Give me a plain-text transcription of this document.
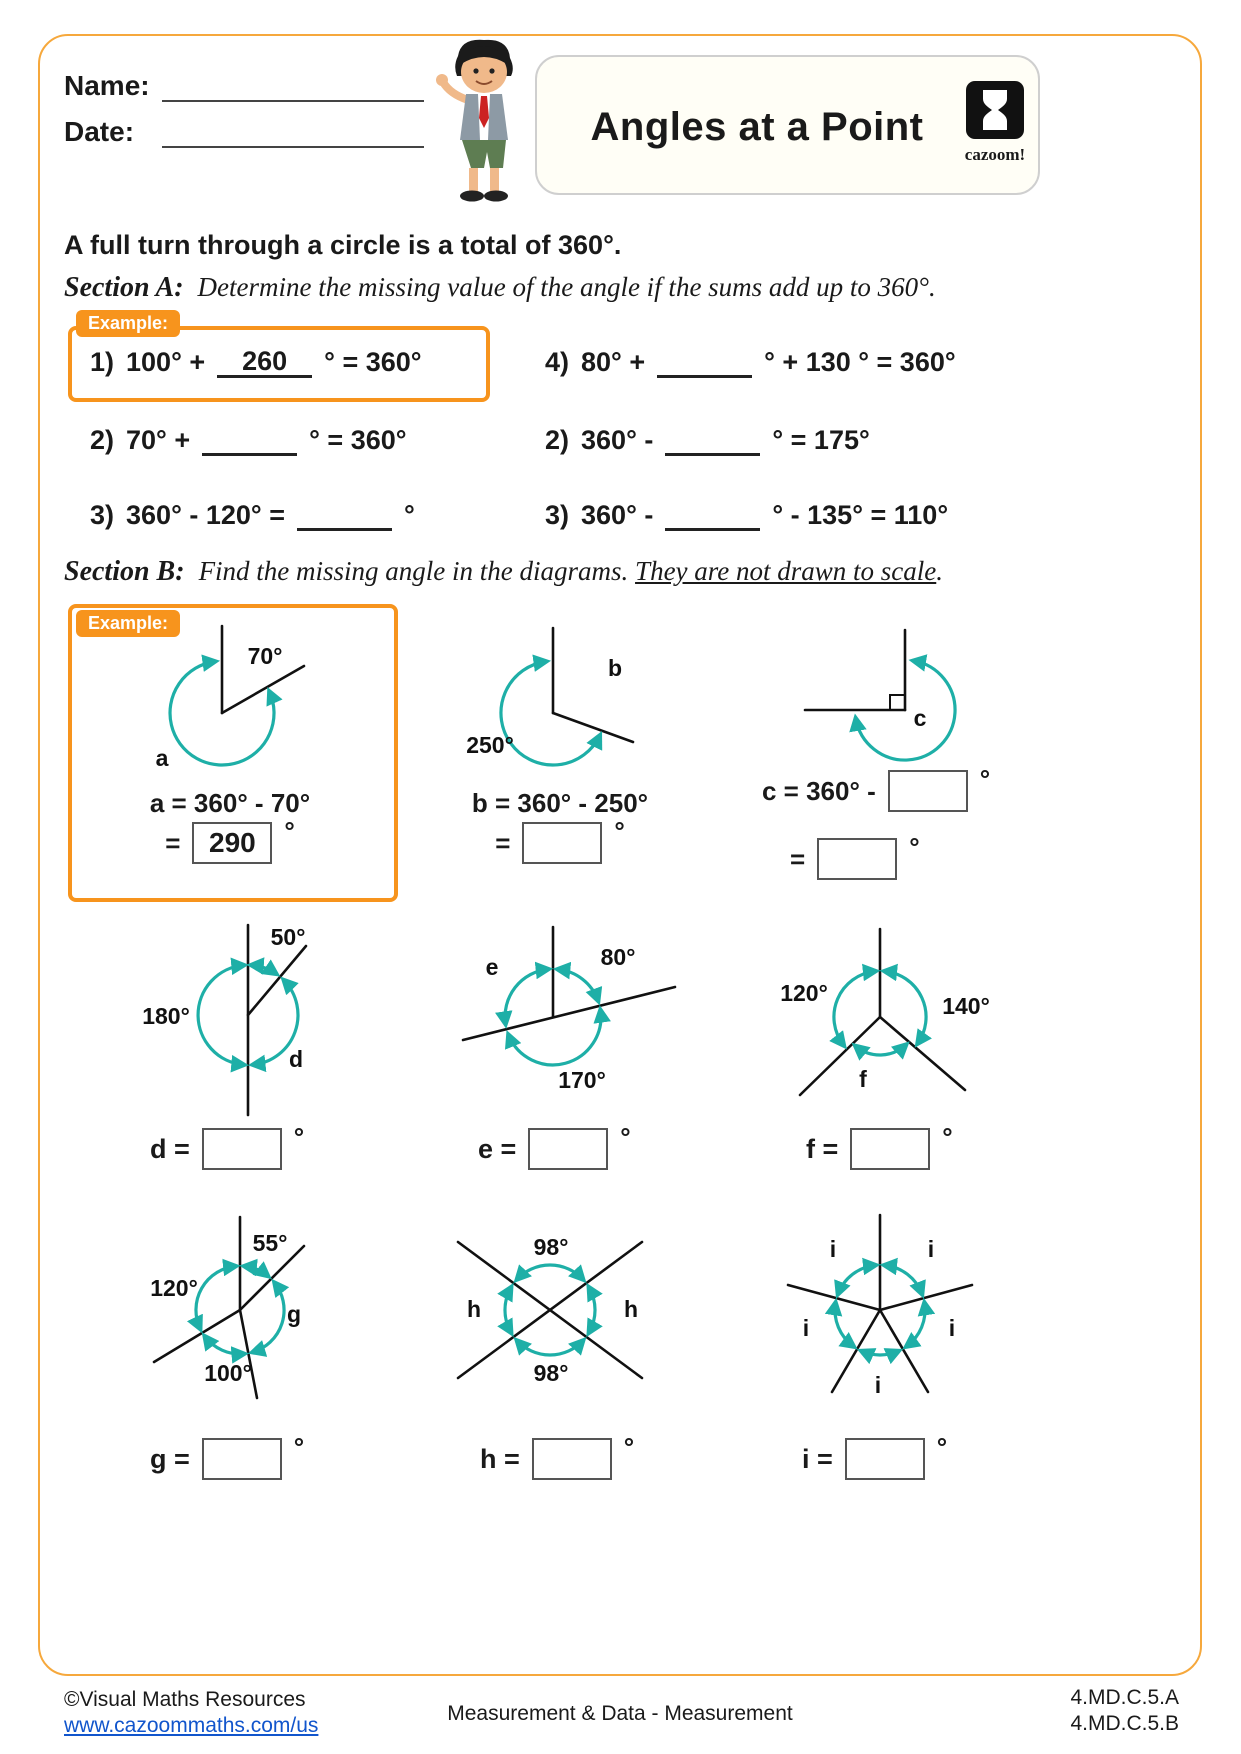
Name:
Date:	Angles at a Point
cazoom!
A full turn through a circle is a total of 360°.
Section A: Determine the missing value of the angle if the sums add up to 360°.
Example:
1) 100° +	260	° = 360°	4) 80° +	° + 130 ° = 360°
2) 70° +	° = 360°	2) 360° -	° = 175°
3) 360° - 120° =	°	3) 360° -	° - 135° = 110°
Section B: Find the missing angle in the diagrams. They are not drawn to scale.
Example:
70°
a
a = 360° - 70°
=	290	°
250°
b
b = 360° - 250°
=	°
c
c = 360° -	°
=	°
50°
180°
d
d =	°
e	80°
170°
e =	°
120°	140°
f
f =	°
55°
120°
100°
g
g =	°
98°
h	h
98°
h =	°
i	i
i	i
i
i =	°
©Visual Maths Resources
www.cazoommaths.com/us
Measurement & Data - Measurement
4.MD.C.5.A
4.MD.C.5.B
